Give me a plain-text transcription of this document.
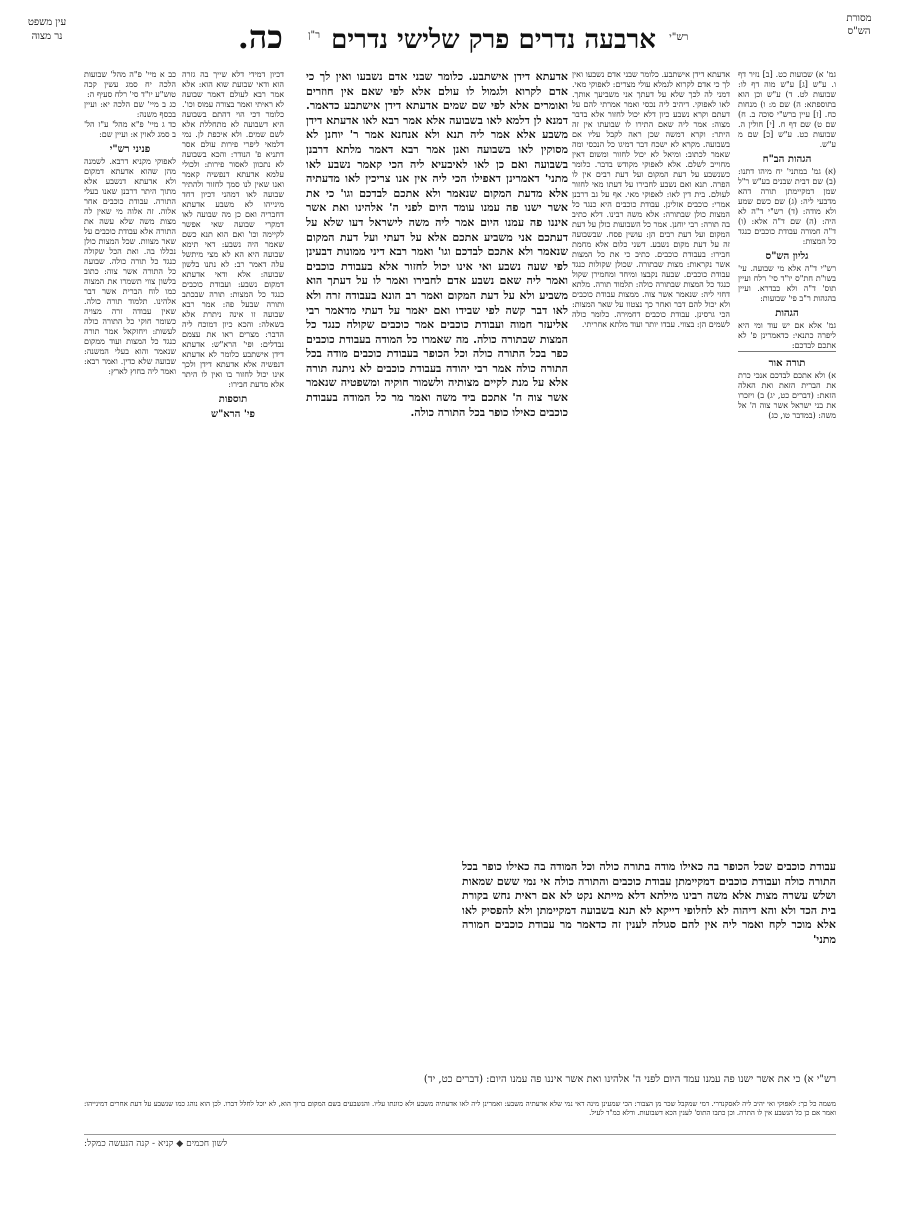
עין משפט
נר מצוה	$^{רש"י}$ ארבעה נדרים פרק שלישי נדרים $^{ר"ן}$ כה.	מסורת
הש"ס

כב א מיי' פ"ה מהל' שבועות הלכה יח סמג עשין קכה טוש"ע יו"ד סי' רלח סעיף ה:

כג ב מיי' שם הלכה יא: ועיין בכסף משנה:

כד ג מיי' פ"א מהל' ע"ז הל' ב סמג לאוין א: ועיין שם:

פניני רש"י

לאפוקי מקניא דרבא. לשמנה מהן שהוא אדעתא דמקום ולא אדעתא דנשבע אלא מתוך היתר דרבנן שאנו בעלי התורה. עבודת כוכבים אחר אלוה. זה אלוה מי שאין לה מצות משה שלא עשה את התורה אלא עבודת כוכבים על שאר מצוות. שכל המצות כולן נכללו בה. ואת הכל שקולה כנגד כל תורה כולה. שבועה כל התורה אשר צוה: כתוב בלשון צווי תשמרו את המצוה כמו לוח הברית אשר דבר אלהינו. תלמוד תורה כולה. שאין עבודה זרה מצויה כשומר חוקי כל התורה כולה לעשות: ויחזקאל אמר תורה כנגד כל המצות ועוד ממקום שנאמר והוא בעלי המשנה: שבועה שלא כדין. ואמר רבא: ואמר ליה בחוץ לארץ:

דכיון דמידי דלא שייך בה גזרה הוא ודאי שבועת שוא הוא: אלא אמר רבא לעולם דאמר שבועה לא ראיתי ואמר בצורה עמוס וכו'. כלומר דכי הוי דהתם בשבועה היא דשבועה לא מתחללת אלא לשם שמים. ולא איכפת לן. נמי דלמאי ליפרי פירות עולם אסר דתניא פ' הנודר: והכא בשבועה לא נתכוון לאסור פירות: ולכולי עלמא אדעתא דנפשיה קאמר ואנו שאין לנו סמך לחזור ולהתיר שבועה לאו דמהני דכיון דחד מינייהו לא משבע אדעתא דחבריה ואם כן מה שבועה לאו דמקרי שבועה שאי אפשר לקיימה וכו' ואם הוא תנא כשם שאמר היה נשבע: דאי תימא שבועה היא הא לא מצי מיתשל עלה דאמר רב: לא נתנו בלשון שבועה: אלא ודאי אדעתא דמקום נשבע: ועבודת כוכבים כנגד כל המצות: תורה שבכתב ותורה שבעל פה: אמר רבא שבועה זו אינה ניתרת אלא בשאלה: והכא כיון דמוכח ליה הדבר: מצרים ראו את עצמם נבדלים: ופי' הרא"ש: אדעתא דידן אישתבע כלומר לא אדעתא דנפשיה אלא אדעתא דידן ולכך אינו יכול לחזור בו ואין לו היתר אלא מדעת חבירו:

תוספות
פי' הרא"ש

אדעתא דידן אישתבע. כלומר שבני אדם נשבעו ואין לך כי אדם לקרוא ולגמול לו עולם אלא לפי שאם אין חוזרים ואומרים אלא לפי שם שמים אדעתא דידן אישתבע כדאמר. דמנא לן דלמא לאו בשבועה אלא אמר רבא לאו אדעתא דידן משבע אלא אמר ליה תנא ולא אנחנא אמר ר' יוחנן לא מסוקין לאו בשבועה ואנן אמר רבא דאמר מלתא דרבנן בשבועה ואם כן לאו לאיבעיא ליה הכי קאמר נשבע לאו מתני' דאמרינן דאפילו הכי ליה אין אנו צריכין לאו מדעתיה אלא מדעת המקום שנאמר ולא אתכם לבדכם וגו' כי את אשר ישנו פה עמנו עומד היום לפני ה' אלהינו ואת אשר איננו פה עמנו היום אמר ליה משה לישראל דעו שלא על דעתכם אני משביע אתכם אלא על דעתי ועל דעת המקום שנאמר ולא אתכם לבדכם וגו' ואמר רבא דיני ממונות דבעינן לפי שעה נשבע ואי אינו יכול לחזור אלא בעבודת כוכבים ואמר ליה שאם נשבע אדם לחבירו ואמר לו על דעתך הוא משביע ולא על דעת המקום ואמר רב הונא בעבודה זרה ולא לאו דבר קשה לפי שבידו ואם יאמר על דעתי מדאמר רבי אליעזר חמוה ועבודת כוכבים אמר כוכבים שקולה כנגד כל המצות שבתורה כולה. מה שאמרו כל המודה בעבודת כוכבים כפר בכל התורה כולה וכל הכופר בעבודת כוכבים מודה בכל התורה כולה אמר רבי יהודה בעבודת כוכבים לא ניתנה תורה אלא על מנת לקיים מצותיה ולשמור חוקיה ומשפטיה שנאמר אשר צוה ה' אתכם ביד משה ואמר מר כל המודה בעבודת כוכבים כאילו כופר בכל התורה כולה.

אדעתא דידן אישתבע. כלומר שבני אדם נשבעו ואין לך כי אדם לקרוא לגמלא עולי מצרים: לאפוקי מאי. דמני לה לכך שלא על דעתך אני משביעך אותך. לאו לאפוקי. דיהיב ליה נכסי ואמר אמרתי להם על דעתם וקרא נשבע כיון דלא יכול לחזור אלא בדבר מצוה: אמר ליה שאם התירו לו שבועתו אין זה היתר: וקרא דמשה שכן ראה לקבל עליו אם בשבועה. מקרא לא ישכח דבר דמיגו כל הנכסי ומה שאמר לכתוב: ומיאל לא יכול לחזור ומשום דאין מחוייב לשלם. אלא לאפוקי מקודש בדבר. כלומר כשנשבע על דעת המקום ועל דעת רבים אין לו הפרה. תנא ואם נשבע לחבירו על דעתו מאי לחזור לעולם. בית דין לאו: לאפוקי מאי. אף על גב דרבנן אמרי: כוכבים אזלינן. עבודת כוכבים היא כנגד כל המצות כולן שבתורה: אלא משה רבינו. דלא כתיב בה תורה: רבי יוחנן. אמר כל השבועות כולן על דעת המקום ועל דעת רבים הן: עושין פסח. שבשבועה זה על דעת מקום נשבע. דשני כלום אלא מחמת חבירו: בעבודת כוכבים. כתיב כי את כל המצות אשר נקראות: מצות שבתורה. שכולן שקולות כנגד עבודת כוכבים. שבעה נקבצו ומיחד ומחמירן שקול כנגד כל המצות שבתורה כולה: תלמוד תורה. מלתא דחזי ליה: שנאמר אשר צוה. ממצות עבודת כוכבים ולא יכול להם דבר ואחר כך נצטוו על שאר המצות: הכי גרסינן. עבודת כוכבים דחמירה. כלומר כולה לשמים הן: בצווי. עבדו יותר ועוד מלתא אחריתי.

עבודת כוכבים שכל הכופר בה כאילו מודה בתורה כולה וכל המודה בה כאילו כופר בכל התורה כולה ועבודת כוכבים דמקיימתן עבודת כוכבים והתורה כולה אי נמי ששם שמאות ושלש עשרה מצות אלא משה רבינו מילתא דלא מייתא נקט לא אם ראית נחש בקורת בית הכד ולא והא דיהוה לא לחלופי דייקא לא תנא בשבועה דמקיימתן ולא להפסיק לאו אלא מוכר לקח ואמר ליה אין להם סגולה לענין זה כדאמר מר עבודת כוכבים חמורה מתני'

גמ' א) שבועות כט. [ב] נזיר דף ו. ע"ש [ג] ע"ש מוה דף לו: שבועות לט. ד) ע"ש וכן הוא בתוספתא: ה) שם מ: ו) מנחות כח. [ז] עיין ברש"י סוכה ב. ח) שם ט) שם דף ח. [י] חולין ה. שבועות כט. ע"ש [כ] שם מ ע"ש.

הגהות הב"ח

(א) גמ' במתני' יח מיהו דתנו: (ב) שם דבית שבנים בע"ש ר"ל שמן דמקיימתן תורה דהא מדבעי ליה: (ג) שם כשם שמע ולא מודה: (ד) רש"י ד"ה לא היה: (ה) שם ד"ה אלא: (ו) ד"ה חמורה עבודת כוכבים כנגד כל המצות:

גליון הש"ס

רש"י ד"ה אלא מי שבועה. עי' בשו"ת חת"ס יו"ד סי' רלח ועיין תוס' ד"ה ולא כבדרא. ועיין בהגהות ר"ב פי' שבועות:

הגהות

גמ' אלא אם יש עוד ומי היא ליפרה כתנאי: כדאמרינן פ' לא אתכם לבדכם:

תורה אור

א) ולא אתכם לבדכם אנכי כרת את הברית הזאת ואת האלה הזאת: (דברים כט, יג) ב) ויזכרו את בני ישראל אשר צוה ה' אל משה: (במדבר טו, כג)

רש"י א) כי את אשר ישנו פה עמנו עמד היום לפני ה' אלהינו ואת אשר איננו פה עמנו היום: (דברים כט, יד)
משמה כל כך: לאפוקי ואי יהיב ליה לאסקנדרי. דמי שמקבל שכר מן הצבור: הכי שמעינן מינה דאי נמי שלא אדעתיה משבע: ואמרינן ליה לאו אדעתיה משבע ולא כוונתו עליו. והנשבעים בשם המקום ברוך הוא, לא יוכל לחלל דברו. לכן הוא נוהג כמו שנשבע על דעת אחרים דמינייהו: ואמר אם כן כל הנשבע אין לו התרה. וכן כתבו התוס' לענין הכא דשבועות. ודלא כמ"ד לעיל.
לשון חכמים ◆ קניא - קנה הנעשה כמקל:
